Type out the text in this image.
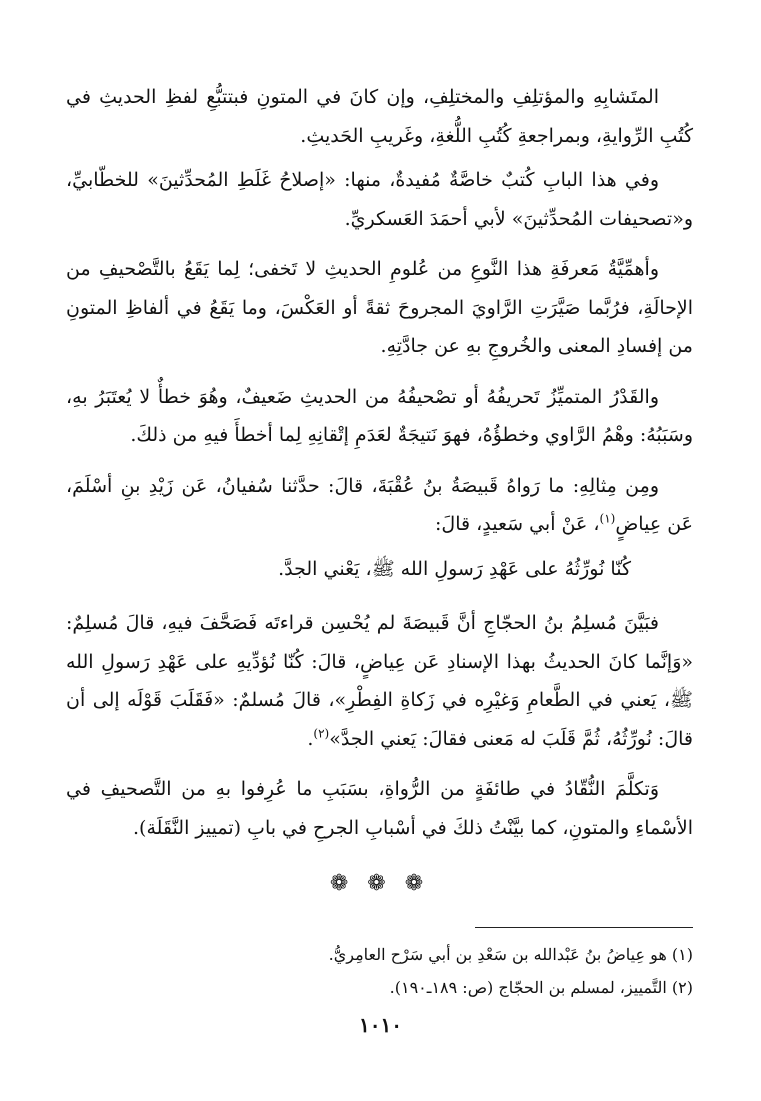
المتَشابِهِ والمؤتلِفِ والمختلِفِ، وإن كانَ في المتونِ فبتتبُّعِ لفظِ الحديثِ في كُتُبِ الرِّوايةِ، وبمراجعةِ كُتُبِ اللُّغةِ، وغَريبِ الحَديثِ.

وفي هذا البابِ كُتبٌ خاصَّةٌ مُفيدةٌ، منها: «إصلاحُ غَلَطِ المُحدِّثينَ» للخطّابيِّ، و«تصحيفات المُحدِّثينَ» لأبي أحمَدَ العَسكريِّ.

وأهمِّيَّةُ مَعرفَةِ هذا النَّوعِ من عُلومِ الحديثِ لا تَخفى؛ لِما يَقَعُ بالتَّصْحيفِ من الإحالَةِ، فرُبَّما صَيَّرَتِ الرَّاويَ المجروحَ ثقةً أو العَكْسَ، وما يَقَعُ في ألفاظِ المتونِ من إفسادِ المعنى والخُروجِ بهِ عن جادَّتِهِ.

والقَدْرُ المتميِّزُ تَحريفُهُ أو تصْحيفُهُ من الحديثِ ضَعيفٌ، وهُوَ خطأٌ لا يُعتَبَرُ بهِ، وسَبَبُهُ: وهْمُ الرَّاوي وخطؤُهُ، فهوَ نَتيجَةٌ لعَدَمِ إتْقانِهِ لِما أخطأَ فيهِ من ذلكَ.

ومِن مِثالِهِ: ما رَواهُ قَبيصَةُ بنُ عُقْبَةَ، قالَ: حدَّثنا سُفيانُ، عَن زَيْدِ بنِ أسْلَمَ، عَن عِياضٍ$^{(١)}$، عَنْ أبي سَعيدٍ، قالَ:

كُنّا نُورِّثُهُ على عَهْدِ رَسولِ الله ﷺ، يَعْني الجدَّ.

فبَيَّنَ مُسلِمُ بنُ الحجّاجِ أنَّ قَبيصَةَ لم يُحْسِن قراءتَه فَصَحَّفَ فيهِ، قالَ مُسلِمٌ: «وَإنَّما كانَ الحديثُ بهذا الإسنادِ عَن عِياضٍ، قالَ: كُنّا نُؤدِّيهِ على عَهْدِ رَسولِ الله ﷺ، يَعني في الطَّعامِ وَغيْرِه في زَكاةِ الفِطْرِ»، قالَ مُسلمٌ: «فَقَلَبَ قَوْلَه إلى أن قالَ: نُورِّثُهُ، ثُمَّ قَلَبَ له مَعنى فقالَ: يَعني الجدَّ»$^{(٢)}$.

وَتكلَّمَ النُّقّادُ في طائفَةٍ من الرُّواةِ، بسَبَبِ ما عُرِفوا بهِ من التَّصحيفِ في الأسْماءِ والمتونِ، كما بيَّنْتُ ذلكَ في أسْبابِ الجرحِ في بابِ (تمييز النَّقَلَة).

❁ ❁ ❁

(١) هو عِياضُ بنُ عَبْدالله بن سَعْدِ بن أبي سَرْح العامِريُّ.

(٢) التَّمييز، لمسلم بن الحجّاج (ص: ١٨٩ـ١٩٠).

١٠١٠
